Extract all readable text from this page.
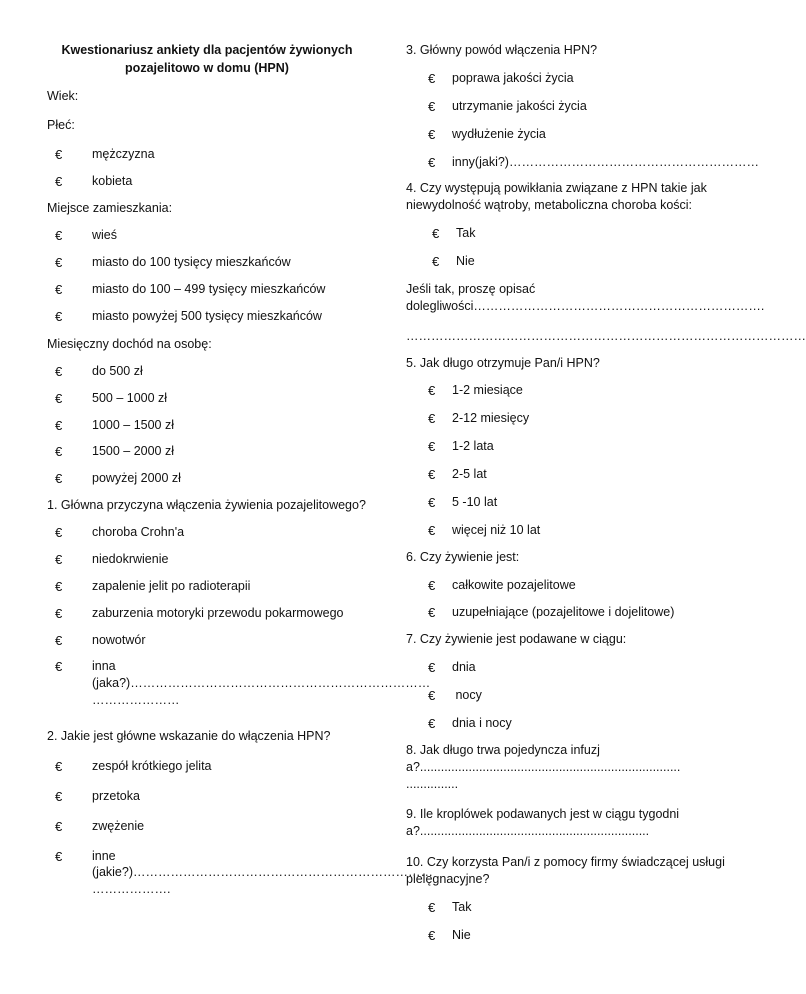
Kwestionariusz ankiety dla pacjentów żywionych pozajelitowo w domu (HPN)

Wiek:

Płeć:

€ mężczyzna
€ kobieta

Miejsce zamieszkania:

€ wieś
€ miasto do 100 tysięcy mieszkańców
€ miasto do 100 – 499 tysięcy mieszkańców
€ miasto powyżej 500 tysięcy mieszkańców

Miesięczny dochód na osobę:

€ do 500 zł
€ 500 – 1000 zł
€ 1000 – 1500 zł
€ 1500 – 2000 zł
€ powyżej 2000 zł

1. Główna przyczyna włączenia żywienia pozajelitowego?

€ choroba Crohn'a
€ niedokrwienie
€ zapalenie jelit po radioterapii
€ zaburzenia motoryki przewodu pokarmowego
€ nowotwór
€ inna (jaka?)……………………………………………………………… …………………

2. Jakie jest główne wskazanie do włączenia HPN?

€ zespół krótkiego jelita
€ przetoka
€ zwężenie
€ inne (jakie?)……………………………………………………………… ……………….

3. Główny powód włączenia HPN?

€ poprawa jakości życia
€ utrzymanie jakości życia
€ wydłużenie życia
€ inny(jaki?)……………………………………………………

4. Czy występują powikłania związane z HPN takie jak niewydolność wątroby, metaboliczna choroba kości:

€ Tak
€ Nie

Jeśli tak, proszę opisać dolegliwości…………………………………………………………….

……………………………………………………………………………………

5. Jak długo otrzymuje Pan/i HPN?

€ 1-2 miesiące
€ 2-12 miesięcy
€ 1-2 lata
€ 2-5 lat
€ 5 -10 lat
€ więcej niż 10 lat

6. Czy żywienie jest:

€ całkowite pozajelitowe
€ uzupełniające (pozajelitowe i dojelitowe)

7. Czy żywienie jest podawane w ciągu:

€ dnia
€ nocy
€ dnia i nocy

8. Jak długo trwa pojedyncza infuzja?...........................................................................

...............

9. Ile kroplówek podawanych jest w ciągu tygodnia?..................................................................

10. Czy korzysta Pan/i z pomocy firmy świadczącej usługi pielęgnacyjne?

€ Tak
€ Nie
